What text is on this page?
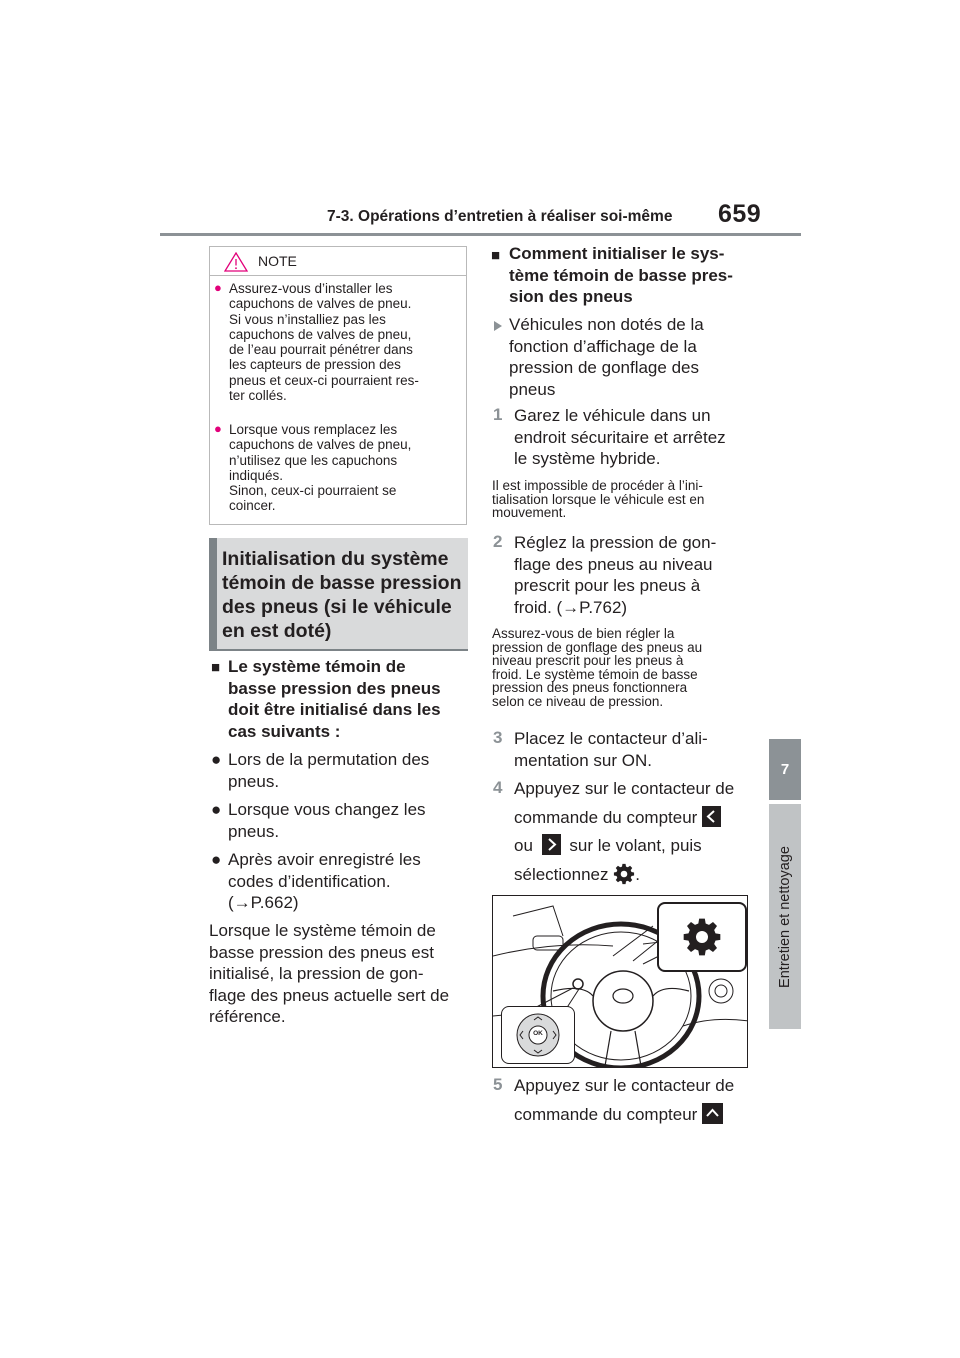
7-3. Opérations d’entretien à réaliser soi-même 659
7
Entretien et nettoyage
NOTE
● Assurez-vous d’installer les
capuchons de valves de pneu.
Si vous n’installiez pas les
capuchons de valves de pneu,
de l’eau pourrait pénétrer dans
les capteurs de pression des
pneus et ceux-ci pourraient res-
ter collés.
● Lorsque vous remplacez les
capuchons de valves de pneu,
n’utilisez que les capuchons
indiqués.
Sinon, ceux-ci pourraient se
coincer.
Initialisation du système
témoin de basse pression
des pneus (si le véhicule
en est doté)
■ Le système témoin de
basse pression des pneus
doit être initialisé dans les
cas suivants :
● Lors de la permutation des
pneus.
● Lorsque vous changez les
pneus.
● Après avoir enregistré les
codes d’identification.
(→P.662)
Lorsque le système témoin de
basse pression des pneus est
initialisé, la pression de gon-
flage des pneus actuelle sert de
référence.
■ Comment initialiser le sys-
tème témoin de basse pres-
sion des pneus
Véhicules non dotés de la
fonction d’affichage de la
pression de gonflage des
pneus
1 Garez le véhicule dans un
endroit sécuritaire et arrêtez
le système hybride.
Il est impossible de procéder à l’ini-
tialisation lorsque le véhicule est en
mouvement.
2 Réglez la pression de gon-
flage des pneus au niveau
prescrit pour les pneus à
froid. (→P.762)
Assurez-vous de bien régler la
pression de gonflage des pneus au
niveau prescrit pour les pneus à
froid. Le système témoin de basse
pression des pneus fonctionnera
selon ce niveau de pression.
3 Placez le contacteur d’ali-
mentation sur ON.
4 Appuyez sur le contacteur de
commande du compteur
ou sur le volant, puis
sélectionnez .
OK
5 Appuyez sur le contacteur de
commande du compteur
